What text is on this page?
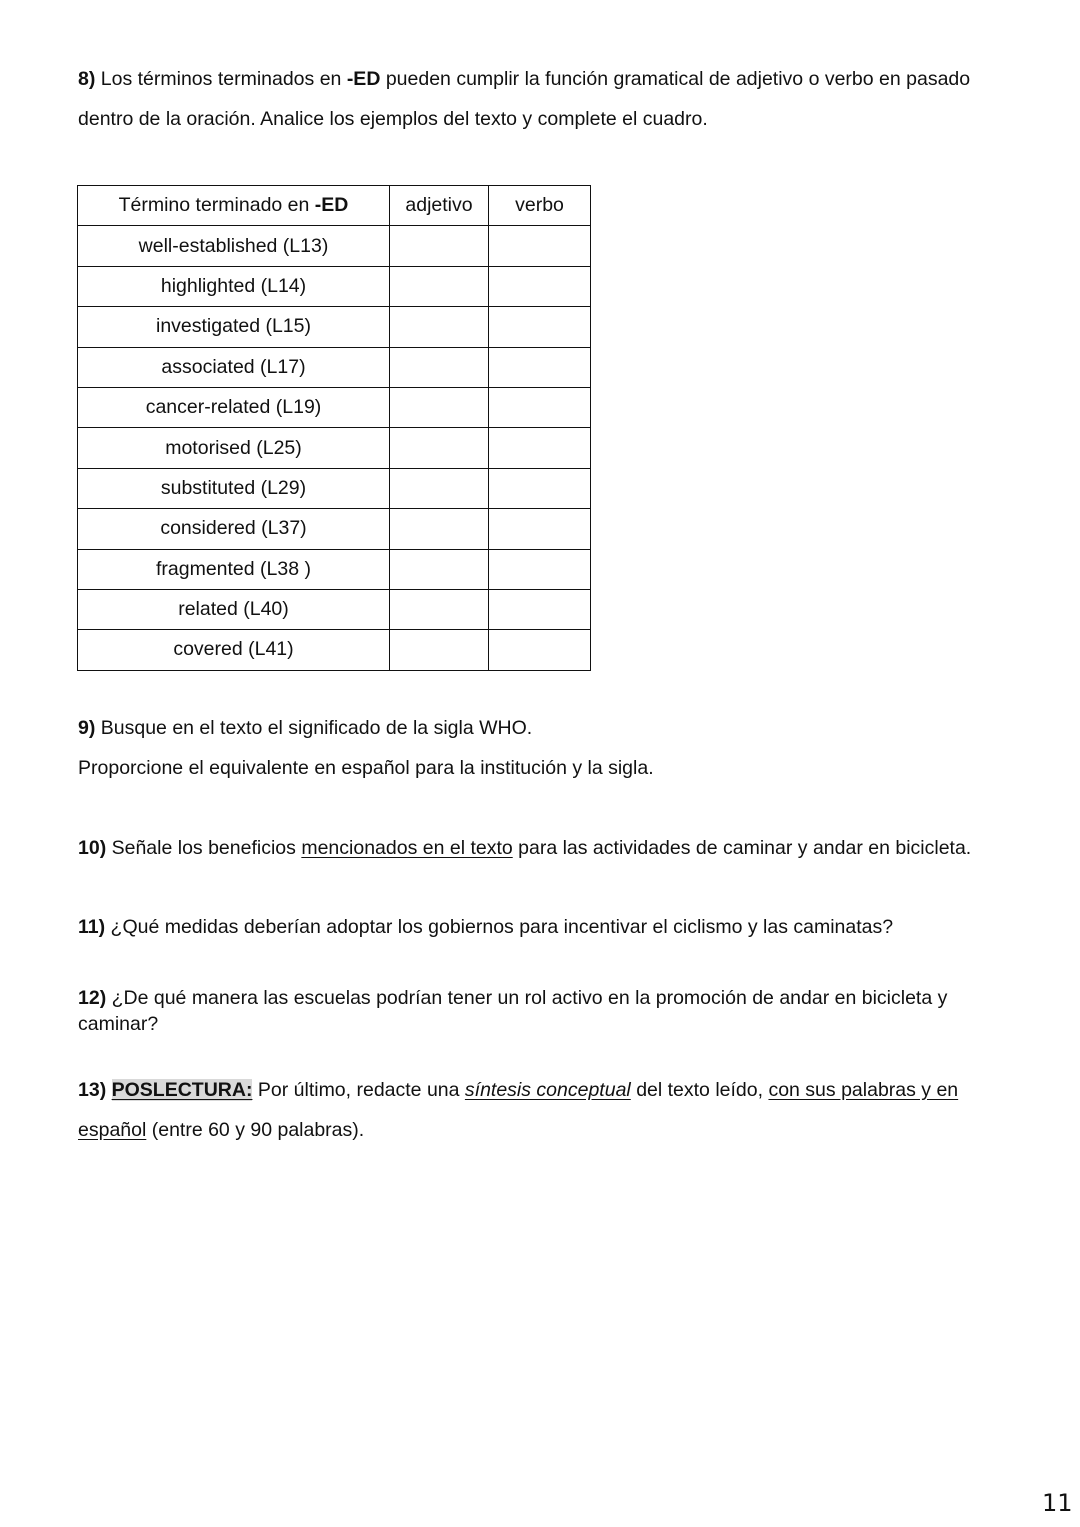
8) Los términos terminados en -ED pueden cumplir la función gramatical de adjetivo o verbo en pasado
dentro de la oración. Analice los ejemplos del texto y complete el cuadro.

Término terminado en -ED	adjetivo	verbo
well-established (L13)		
highlighted (L14)		
investigated (L15)		
associated (L17)		
cancer-related (L19)		
motorised (L25)		
substituted (L29)		
considered (L37)		
fragmented (L38 )		
related (L40)		
covered (L41)		

9) Busque en el texto el significado de la sigla WHO.
Proporcione el equivalente en español para la institución y la sigla.

10) Señale los beneficios mencionados en el texto para las actividades de caminar y andar en bicicleta.

11) ¿Qué medidas deberían adoptar los gobiernos para incentivar el ciclismo y las caminatas?

12) ¿De qué manera las escuelas podrían tener un rol activo en la promoción de andar en bicicleta y
caminar?

13) POSLECTURA: Por último, redacte una síntesis conceptual del texto leído, con sus palabras y en
español (entre 60 y 90 palabras).

11
